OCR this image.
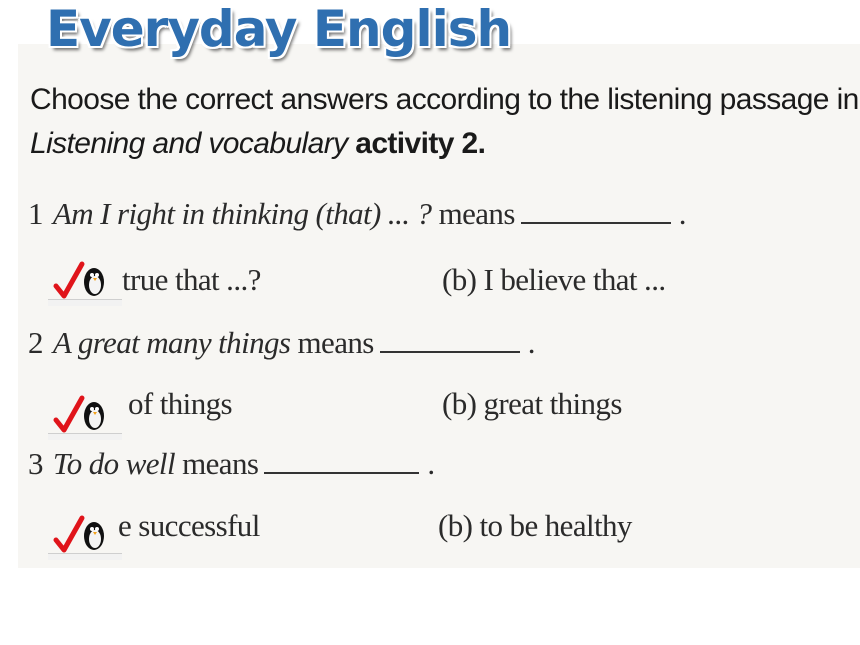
Everyday English

Choose the correct answers according to the listening passage in Listening and vocabulary activity 2.

1 Am I right in thinking (that) ... ? means	.

true that ...?	(b) I believe that ...

2 A great many things means	.

of things	(b) great things

3 To do well means	.

e successful	(b) to be healthy
